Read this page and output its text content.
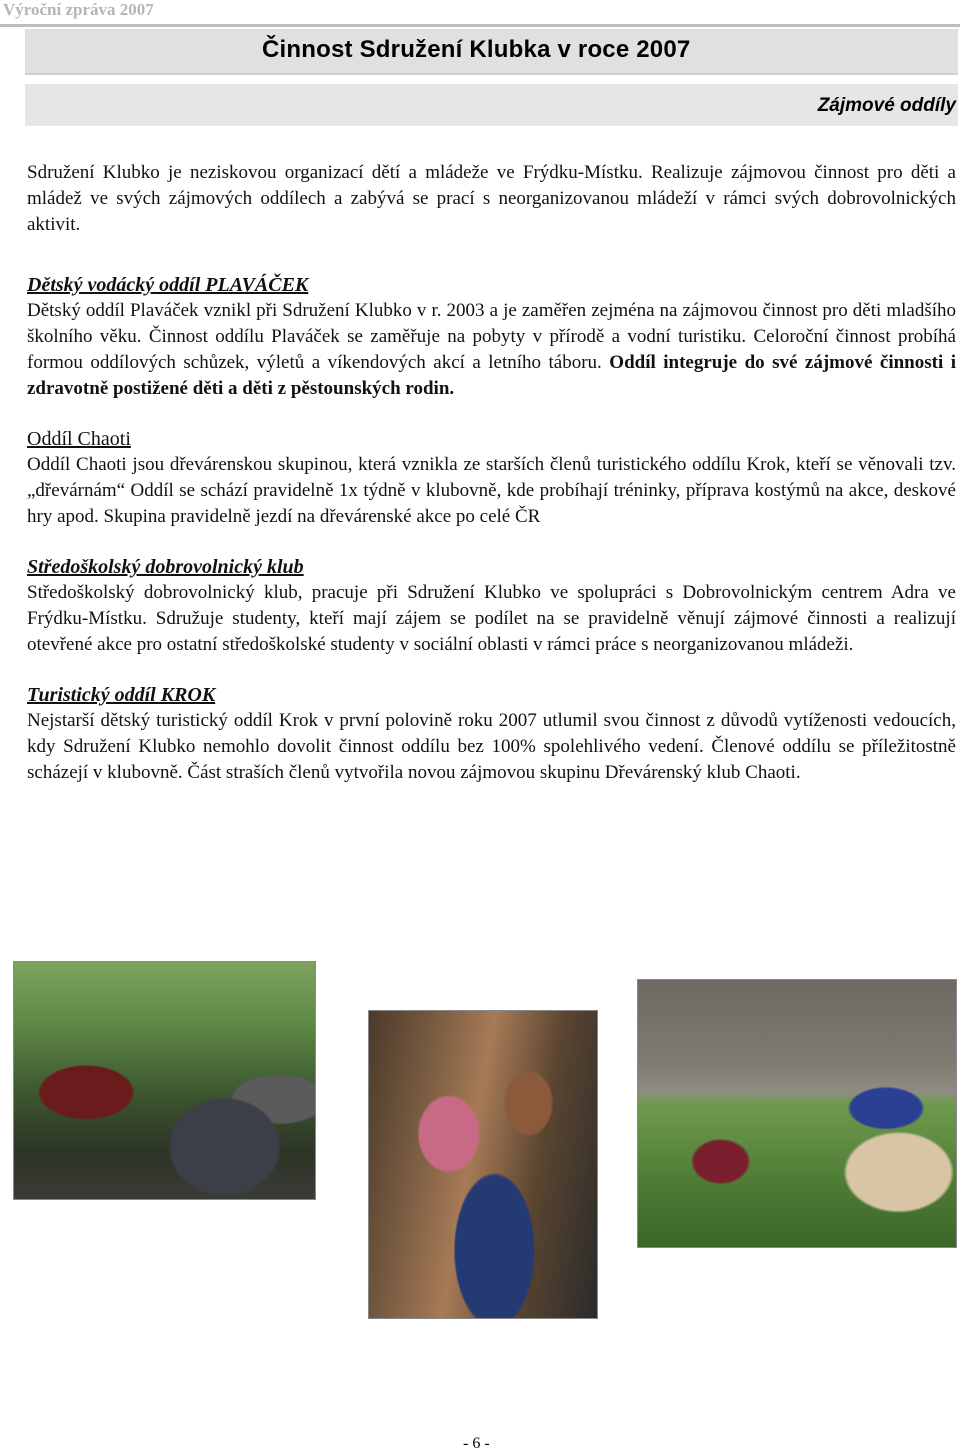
Výroční zpráva 2007
Činnost Sdružení Klubka v roce 2007
Zájmové oddíly

Sdružení Klubko je neziskovou organizací dětí a mládeže ve Frýdku-Místku. Realizuje zájmovou činnost pro děti a mládež ve svých zájmových oddílech a zabývá se prací s neorganizovanou mládeží v rámci svých dobrovolnických aktivit.

Dětský vodácký oddíl PLAVÁČEK

Dětský oddíl Plaváček vznikl při Sdružení Klubko v r. 2003 a je zaměřen zejména na zájmovou činnost pro děti mladšího školního věku. Činnost oddílu Plaváček se zaměřuje na pobyty v přírodě a vodní turistiku. Celoroční činnost probíhá formou oddílových schůzek, výletů a víkendových akcí a letního táboru. Oddíl integruje do své zájmové činnosti i zdravotně postižené děti a děti z pěstounských rodin.

Oddíl Chaoti

Oddíl Chaoti jsou dřevárenskou skupinou, která vznikla ze starších členů turistického oddílu Krok, kteří se věnovali tzv. „dřevárnám“ Oddíl se schází pravidelně 1x týdně v klubovně, kde probíhají tréninky, příprava kostýmů na akce, deskové hry apod. Skupina pravidelně jezdí na dřevárenské akce po celé ČR

Středoškolský dobrovolnický klub

Středoškolský dobrovolnický klub, pracuje při Sdružení Klubko ve spolupráci s Dobrovolnickým centrem Adra ve Frýdku-Místku. Sdružuje studenty, kteří mají zájem se podílet na se pravidelně věnují zájmové činnosti a realizují otevřené akce pro ostatní středoškolské studenty v sociální oblasti v rámci práce s neorganizovanou mládeži.

Turistický oddíl KROK

Nejstarší dětský turistický oddíl Krok v první polovině roku 2007 utlumil svou činnost z důvodů vytíženosti vedoucích, kdy Sdružení Klubko nemohlo dovolit činnost oddílu bez 100% spolehlivého vedení. Členové oddílu se příležitostně scházejí v klubovně. Část straších členů vytvořila novou zájmovou skupinu Dřevárenský klub Chaoti.

- 6 -
